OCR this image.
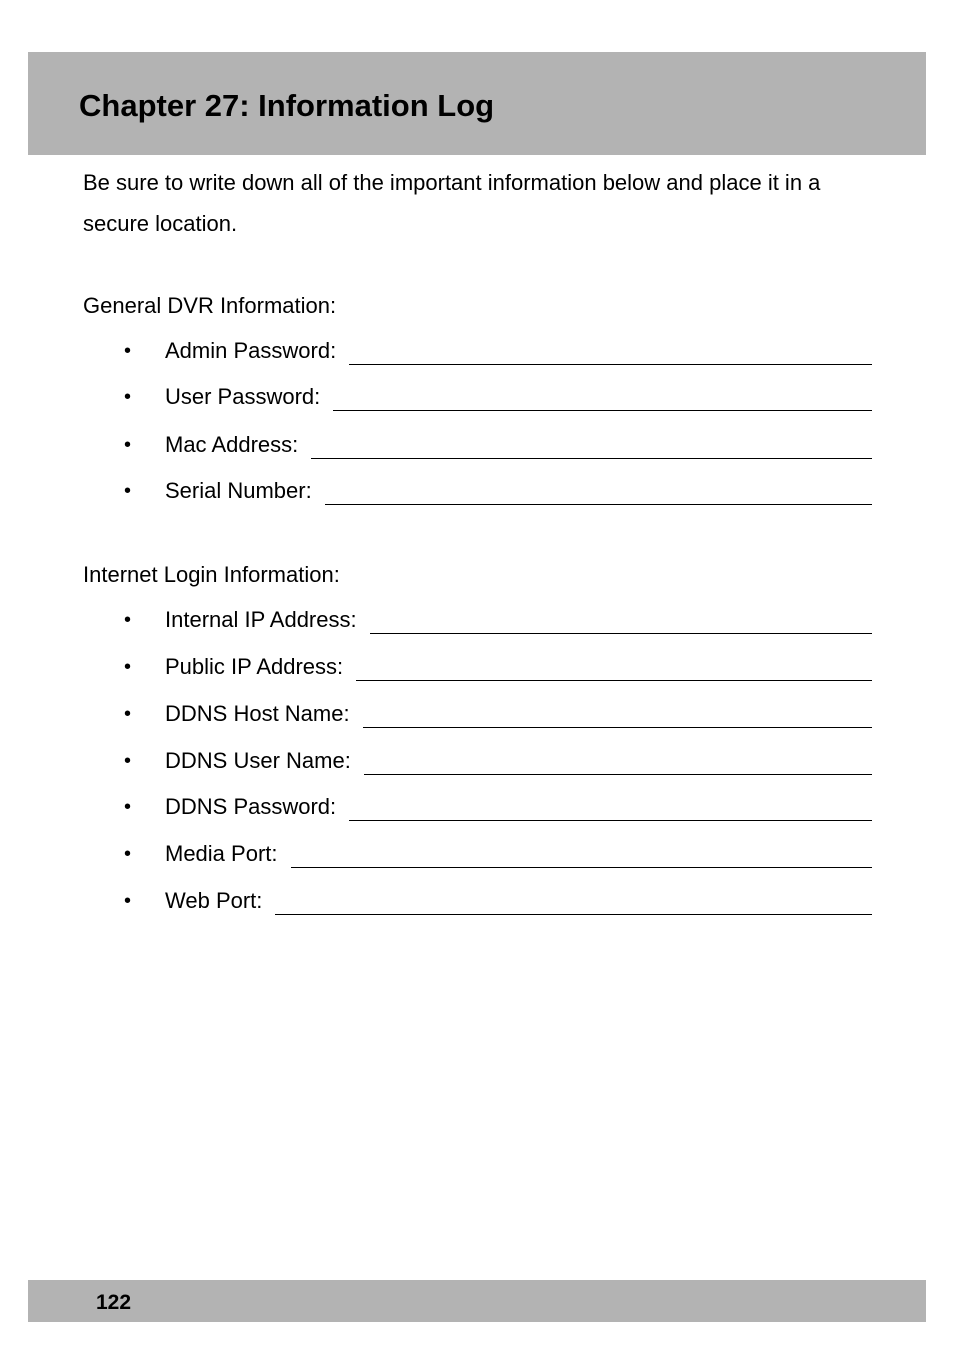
Chapter 27: Information Log

Be sure to write down all of the important information below and place it in a secure location.

General DVR Information:

•	Admin Password:
•	User Password:
•	Mac Address:
•	Serial Number:

Internet Login Information:

•	Internal IP Address:
•	Public IP Address:
•	DDNS Host Name:
•	DDNS User Name:
•	DDNS Password:
•	Media Port:
•	Web Port:
122
